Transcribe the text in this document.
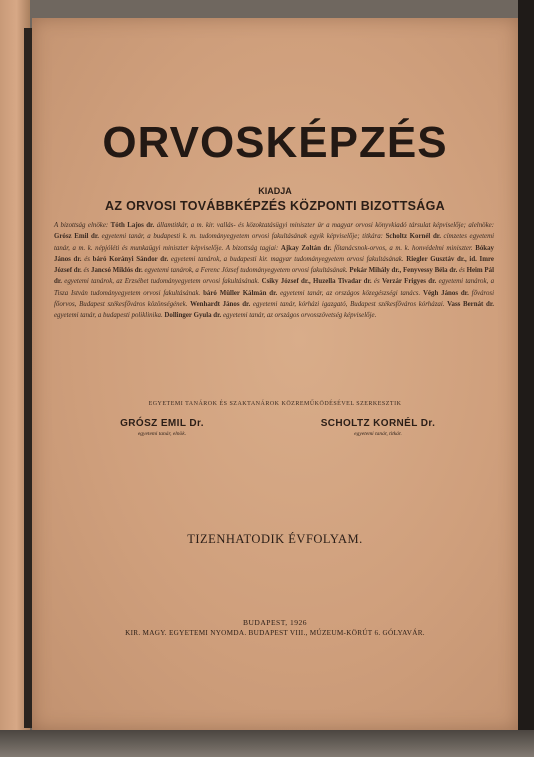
ORVOSKÉPZÉS
KIADJA
AZ ORVOSI TOVÁBBKÉPZÉS KÖZPONTI BIZOTTSÁGA
A bizottság elnöke: Tóth Lajos dr. államtitkár, a m. kir. vallás- és közoktatásügyi miniszter úr a magyar orvosi könyvkiadó társulat képviselője; alelnöke: Grósz Emil dr. egyetemi tanár, a budapesti k. m. tudományegyetem orvosi fakultásának egyik képviselője; titkára: Scholtz Kornél dr. címzetes egyetemi tanár, a m. k. népjóléti és munkaügyi miniszter képviselője. A bizottság tagjai: Ajkay Zoltán dr. főtanácsnok-orvos, a m. k. honvédelmi miniszter. Bókay János dr. és báró Korányi Sándor dr. egyetemi tanárok, a budapesti kir. magyar tudományegyetem orvosi fakultásának. Riegler Gusztáv dr., id. Imre József dr. és Jancsó Miklós dr. egyetemi tanárok, a Ferenc József tudományegyetem orvosi fakultásának. Pekár Mihály dr., Fenyvessy Béla dr. és Heim Pál dr. egyetemi tanárok, az Erzsébet tudományegyetem orvosi fakultásának. Csiky József dr., Huzella Tivadar dr. és Verzár Frigyes dr. egyetemi tanárok, a Tisza István tudományegyetem orvosi fakultásának. báró Müller Kálmán dr. egyetemi tanár, az országos közegészségi tanács. Végh János dr. fővárosi főorvos, Budapest székesfőváros közönségének. Wenhardt János dr. egyetemi tanár, kórházi igazgató, Budapest székesfőváros kórházai. Vass Bernát dr. egyetemi tanár, a budapesti poliklinika. Dollinger Gyula dr. egyetemi tanár, az országos orvosszövetség képviselője.
EGYETEMI TANÁROK ÉS SZAKTANÁROK KÖZREMŰKÖDÉSÉVEL SZERKESZTIK
GRÓSZ EMIL Dr.
egyetemi tanár, elnök.
SCHOLTZ KORNÉL Dr.
egyetemi tanár, titkár.
TIZENHATODIK ÉVFOLYAM.
BUDAPEST, 1926
KIR. MAGY. EGYETEMI NYOMDA. BUDAPEST VIII., MÚZEUM-KÖRÚT 6. GÓLYAVÁR.
